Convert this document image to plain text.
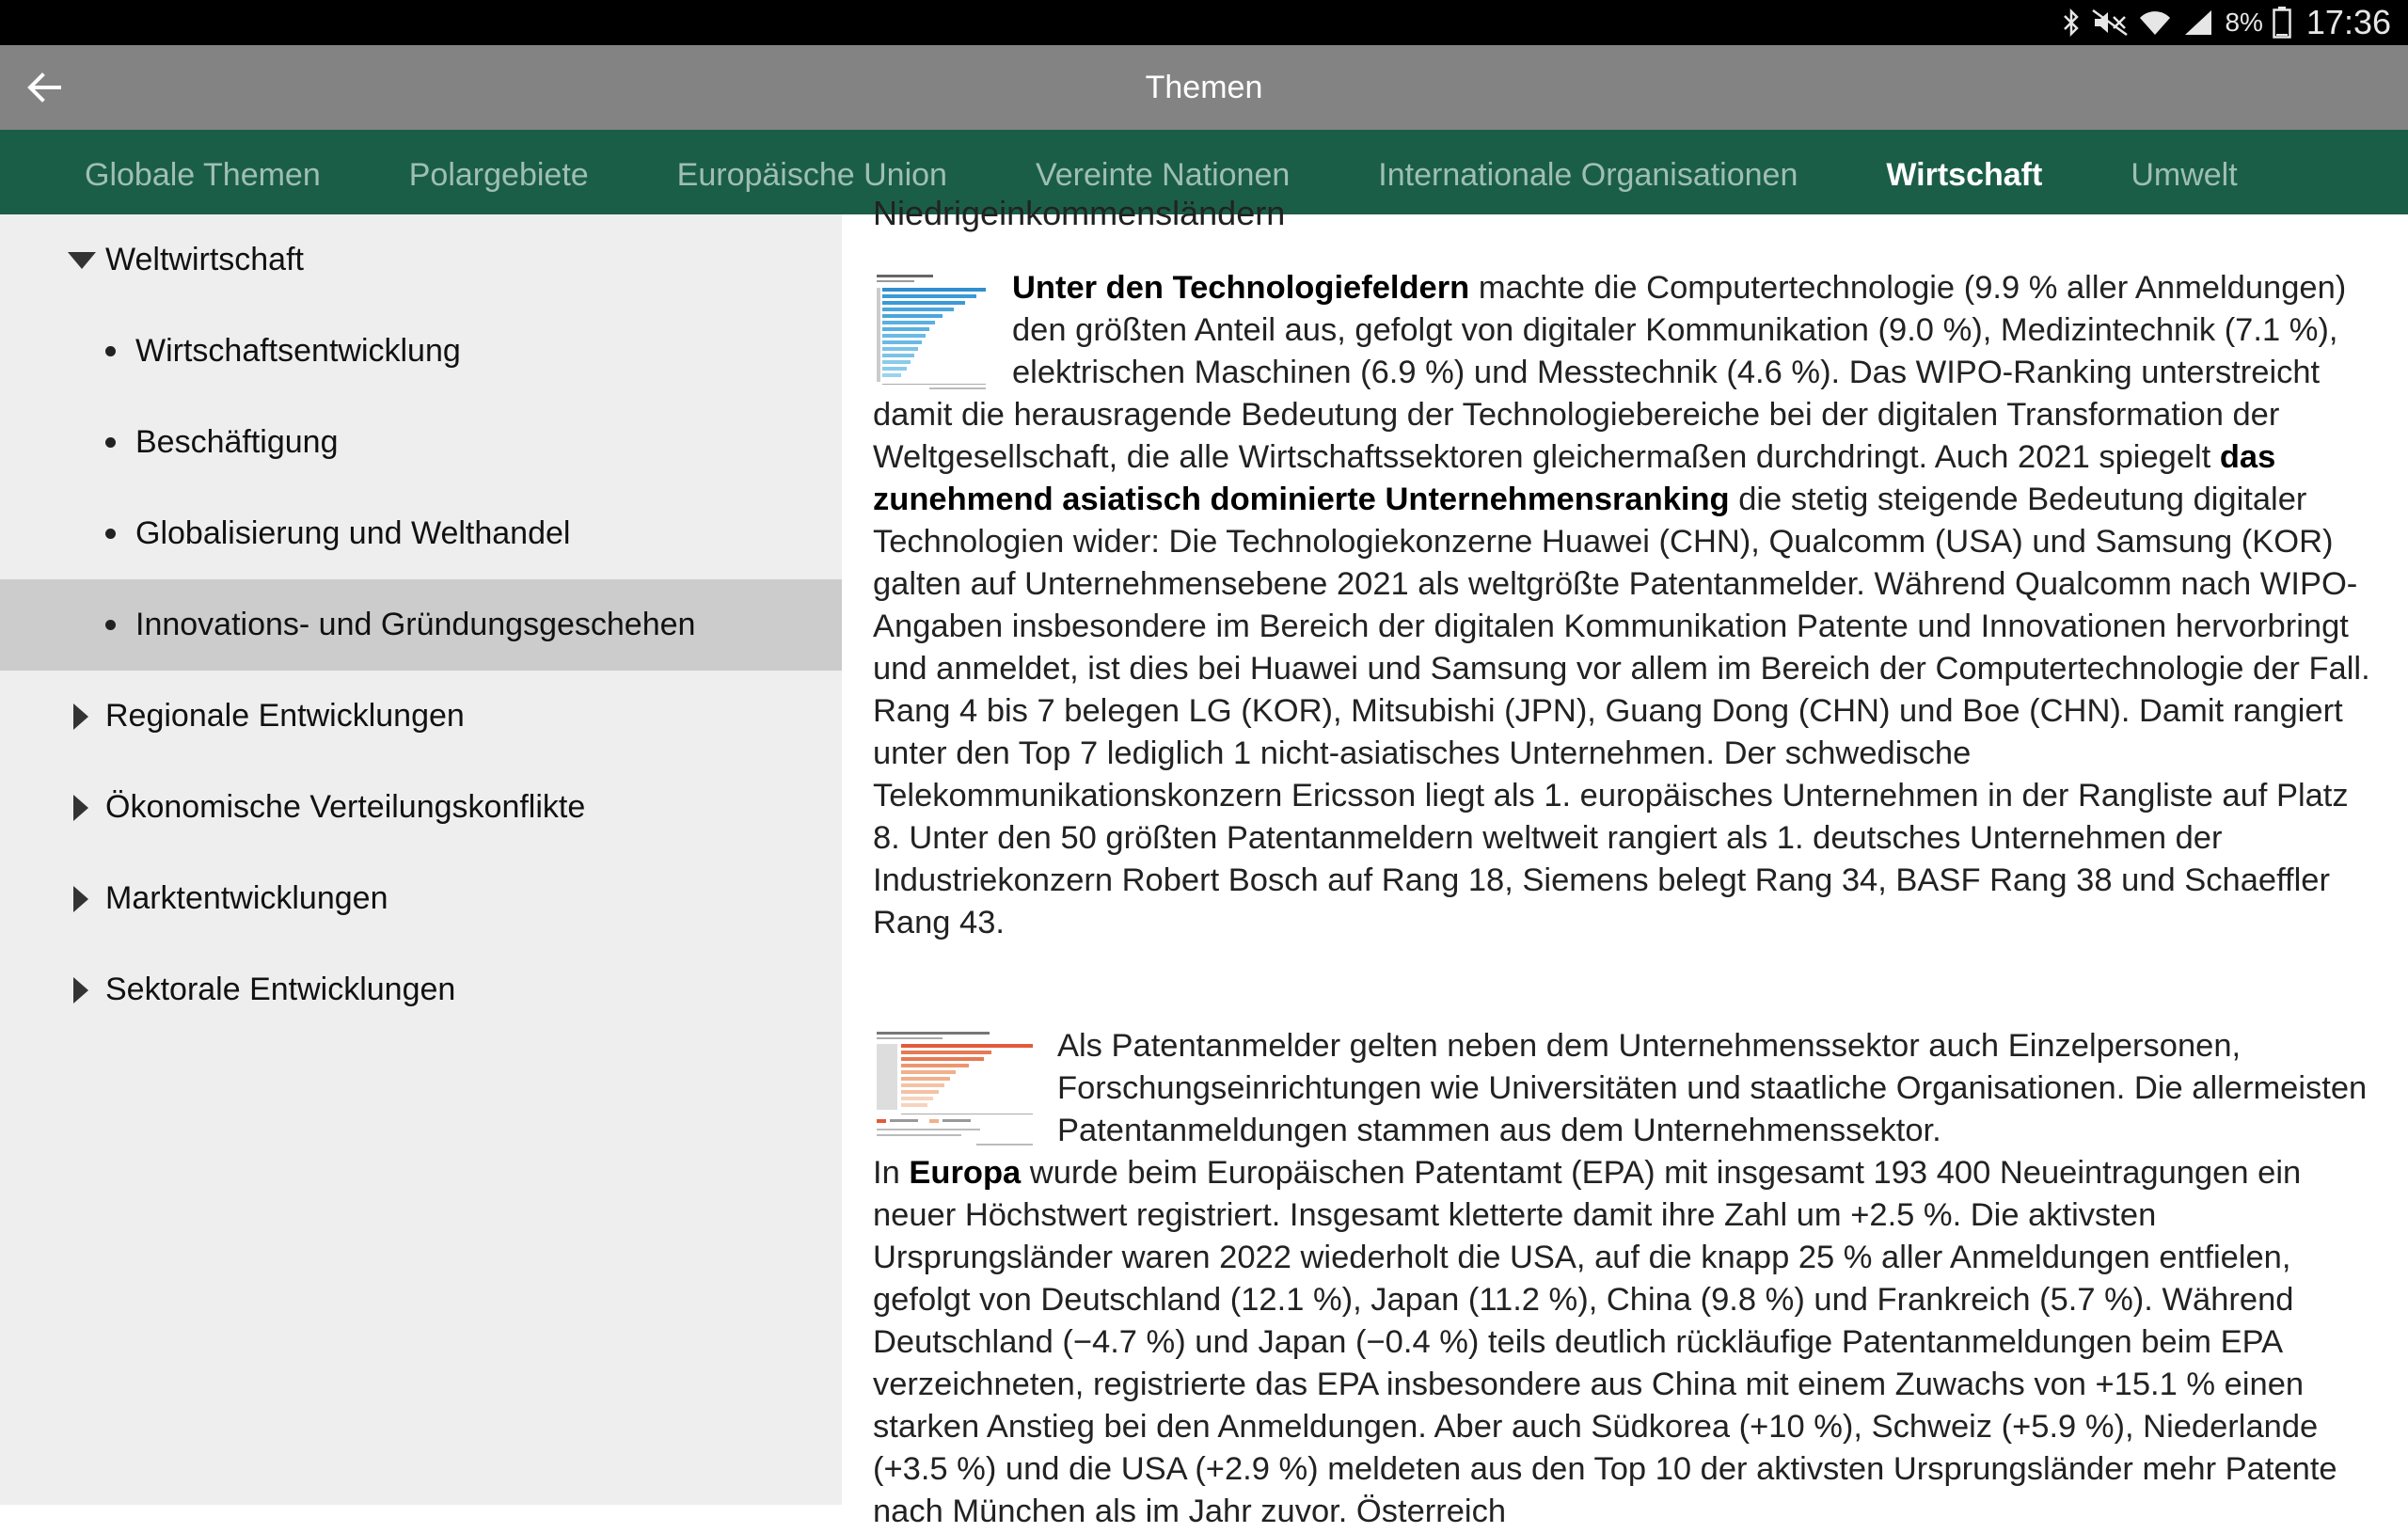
8% 17:36
Themen
Globale Themen	Polargebiete	Europäische Union	Vereinte Nationen	Internationale Organisationen	Wirtschaft	Umwelt
Weltwirtschaft
Wirtschaftsentwicklung
Beschäftigung
Globalisierung und Welthandel
Innovations- und Gründungsgeschehen
Regionale Entwicklungen
Ökonomische Verteilungskonflikte
Marktentwicklungen
Sektorale Entwicklungen
Niedrigeinkommensländern

Unter den Technologiefeldern machte die Computertechnologie (9.9 % aller Anmeldungen) den größten Anteil aus, gefolgt von digitaler Kommunikation (9.0 %), Medizintechnik (7.1 %), elektrischen Maschinen (6.9 %) und Messtechnik (4.6 %). Das WIPO-Ranking unterstreicht damit die herausragende Bedeutung der Technologiebereiche bei der digitalen Transformation der Weltgesellschaft, die alle Wirtschaftssektoren gleichermaßen durchdringt. Auch 2021 spiegelt das zunehmend asiatisch dominierte Unternehmensranking die stetig steigende Bedeutung digitaler Technologien wider: Die Technologiekonzerne Huawei (CHN), Qualcomm (USA) und Samsung (KOR) galten auf Unternehmensebene 2021 als weltgrößte Patentanmelder. Während Qualcomm nach WIPO-Angaben insbesondere im Bereich der digitalen Kommunikation Patente und Innovationen hervorbringt und anmeldet, ist dies bei Huawei und Samsung vor allem im Bereich der Computertechnologie der Fall. Rang 4 bis 7 belegen LG (KOR), Mitsubishi (JPN), Guang Dong (CHN) und Boe (CHN). Damit rangiert unter den Top 7 lediglich 1 nicht-asiatisches Unternehmen. Der schwedische Telekommunikationskonzern Ericsson liegt als 1. europäisches Unternehmen in der Rangliste auf Platz 8. Unter den 50 größten Patentanmeldern weltweit rangiert als 1. deutsches Unternehmen der Industriekonzern Robert Bosch auf Rang 18, Siemens belegt Rang 34, BASF Rang 38 und Schaeffler Rang 43.

Als Patentanmelder gelten neben dem Unternehmenssektor auch Einzelpersonen, Forschungseinrichtungen wie Universitäten und staatliche Organisationen. Die allermeisten Patentanmeldungen stammen aus dem Unternehmenssektor.
In Europa wurde beim Europäischen Patentamt (EPA) mit insgesamt 193 400 Neueintragungen ein neuer Höchstwert registriert. Insgesamt kletterte damit ihre Zahl um +2.5 %. Die aktivsten Ursprungsländer waren 2022 wiederholt die USA, auf die knapp 25 % aller Anmeldungen entfielen, gefolgt von Deutschland (12.1 %), Japan (11.2 %), China (9.8 %) und Frankreich (5.7 %). Während Deutschland (−4.7 %) und Japan (−0.4 %) teils deutlich rückläufige Patentanmeldungen beim EPA verzeichneten, registrierte das EPA insbesondere aus China mit einem Zuwachs von +15.1 % einen starken Anstieg bei den Anmeldungen. Aber auch Südkorea (+10 %), Schweiz (+5.9 %), Niederlande (+3.5 %) und die USA (+2.9 %) meldeten aus den Top 10 der aktivsten Ursprungsländer mehr Patente nach München als im Jahr zuvor. Österreich
